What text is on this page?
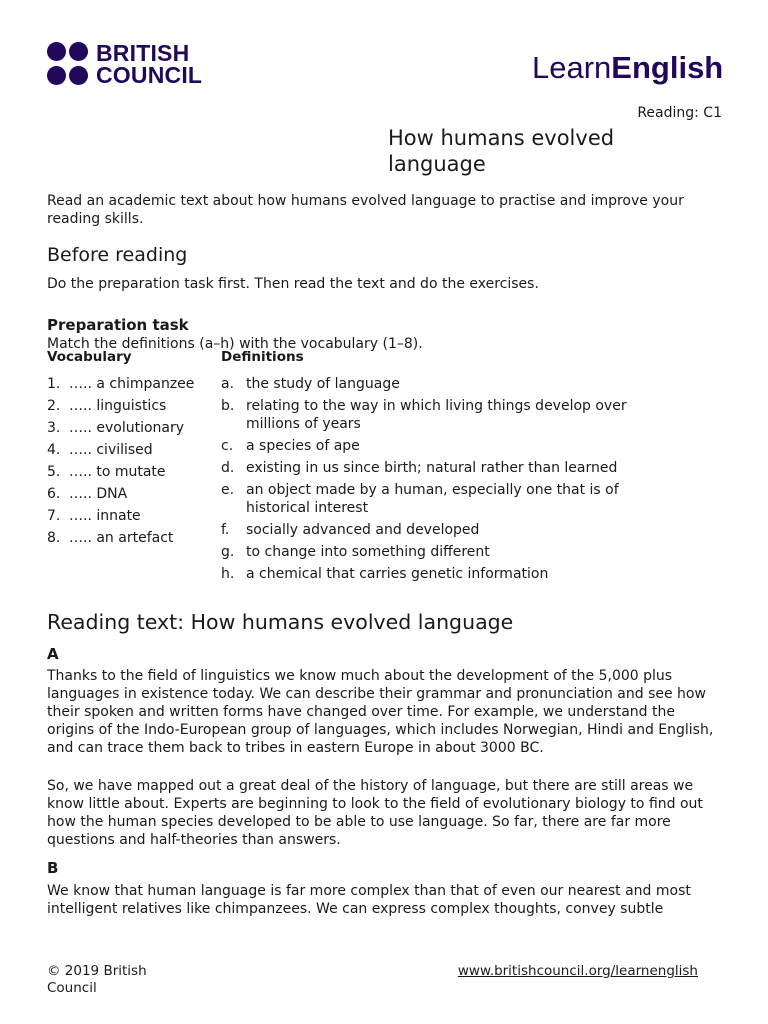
BRITISH
COUNCIL	LearnEnglish
Reading: C1
How humans evolved language
Read an academic text about how humans evolved language to practise and improve your reading skills.
Before reading
Do the preparation task first. Then read the text and do the exercises.
Preparation task
Match the definitions (a–h) with the vocabulary (1–8).
Vocabulary	Definitions
1. ….. a chimpanzee
2. ….. linguistics
3. ….. evolutionary
4. ….. civilised
5. ….. to mutate
6. ….. DNA
7. ….. innate
8. ….. an artefact
a. the study of language
b. relating to the way in which living things develop over millions of years
c. a species of ape
d. existing in us since birth; natural rather than learned
e. an object made by a human, especially one that is of historical interest
f. socially advanced and developed
g. to change into something different
h. a chemical that carries genetic information
Reading text: How humans evolved language
A
Thanks to the field of linguistics we know much about the development of the 5,000 plus languages in existence today. We can describe their grammar and pronunciation and see how their spoken and written forms have changed over time. For example, we understand the origins of the Indo-European group of languages, which includes Norwegian, Hindi and English, and can trace them back to tribes in eastern Europe in about 3000 BC.
So, we have mapped out a great deal of the history of language, but there are still areas we know little about. Experts are beginning to look to the field of evolutionary biology to find out how the human species developed to be able to use language. So far, there are far more questions and half-theories than answers.
B
We know that human language is far more complex than that of even our nearest and most intelligent relatives like chimpanzees. We can express complex thoughts, convey subtle
© 2019 British Council
www.britishcouncil.org/learnenglish
